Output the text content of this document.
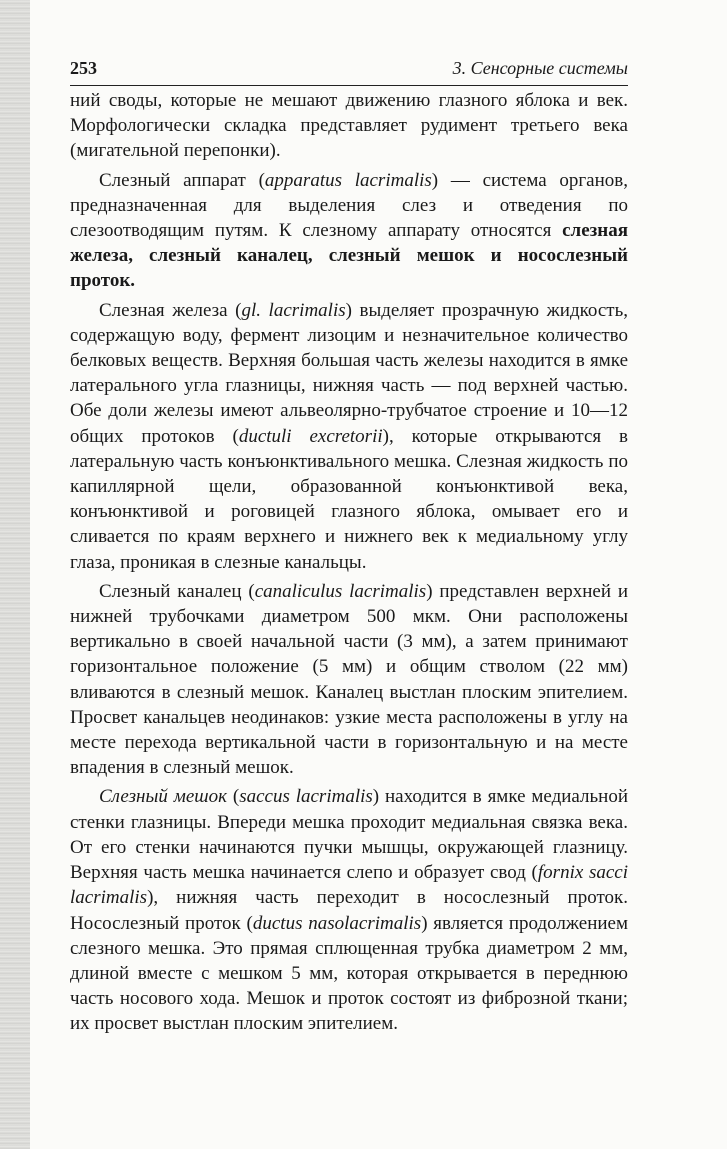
253	3. Сенсорные системы

ний своды, которые не мешают движению глазного яблока и век. Морфологически складка представляет рудимент третьего века (мигательной перепонки).

Слезный аппарат (apparatus lacrimalis) — система органов, предназначенная для выделения слез и отведения по слезоотводящим путям. К слезному аппарату относятся слезная железа, слезный каналец, слезный мешок и носослезный проток.

Слезная железа (gl. lacrimalis) выделяет прозрачную жидкость, содержащую воду, фермент лизоцим и незначительное количество белковых веществ. Верхняя большая часть железы находится в ямке латерального угла глазницы, нижняя часть — под верхней частью. Обе доли железы имеют альвеолярно-трубчатое строение и 10—12 общих протоков (ductuli excretorii), которые открываются в латеральную часть конъюнктивального мешка. Слезная жидкость по капиллярной щели, образованной конъюнктивой века, конъюнктивой и роговицей глазного яблока, омывает его и сливается по краям верхнего и нижнего век к медиальному углу глаза, проникая в слезные канальцы.

Слезный каналец (canaliculus lacrimalis) представлен верхней и нижней трубочками диаметром 500 мкм. Они расположены вертикально в своей начальной части (3 мм), а затем принимают горизонтальное положение (5 мм) и общим стволом (22 мм) вливаются в слезный мешок. Каналец выстлан плоским эпителием. Просвет канальцев неодинаков: узкие места расположены в углу на месте перехода вертикальной части в горизонтальную и на месте впадения в слезный мешок.

Слезный мешок (saccus lacrimalis) находится в ямке медиальной стенки глазницы. Впереди мешка проходит медиальная связка века. От его стенки начинаются пучки мышцы, окружающей глазницу. Верхняя часть мешка начинается слепо и образует свод (fornix sacci lacrimalis), нижняя часть переходит в носослезный проток. Носослезный проток (ductus nasolacrimalis) является продолжением слезного мешка. Это прямая сплющенная трубка диаметром 2 мм, длиной вместе с мешком 5 мм, которая открывается в переднюю часть носового хода. Мешок и проток состоят из фиброзной ткани; их просвет выстлан плоским эпителием.
